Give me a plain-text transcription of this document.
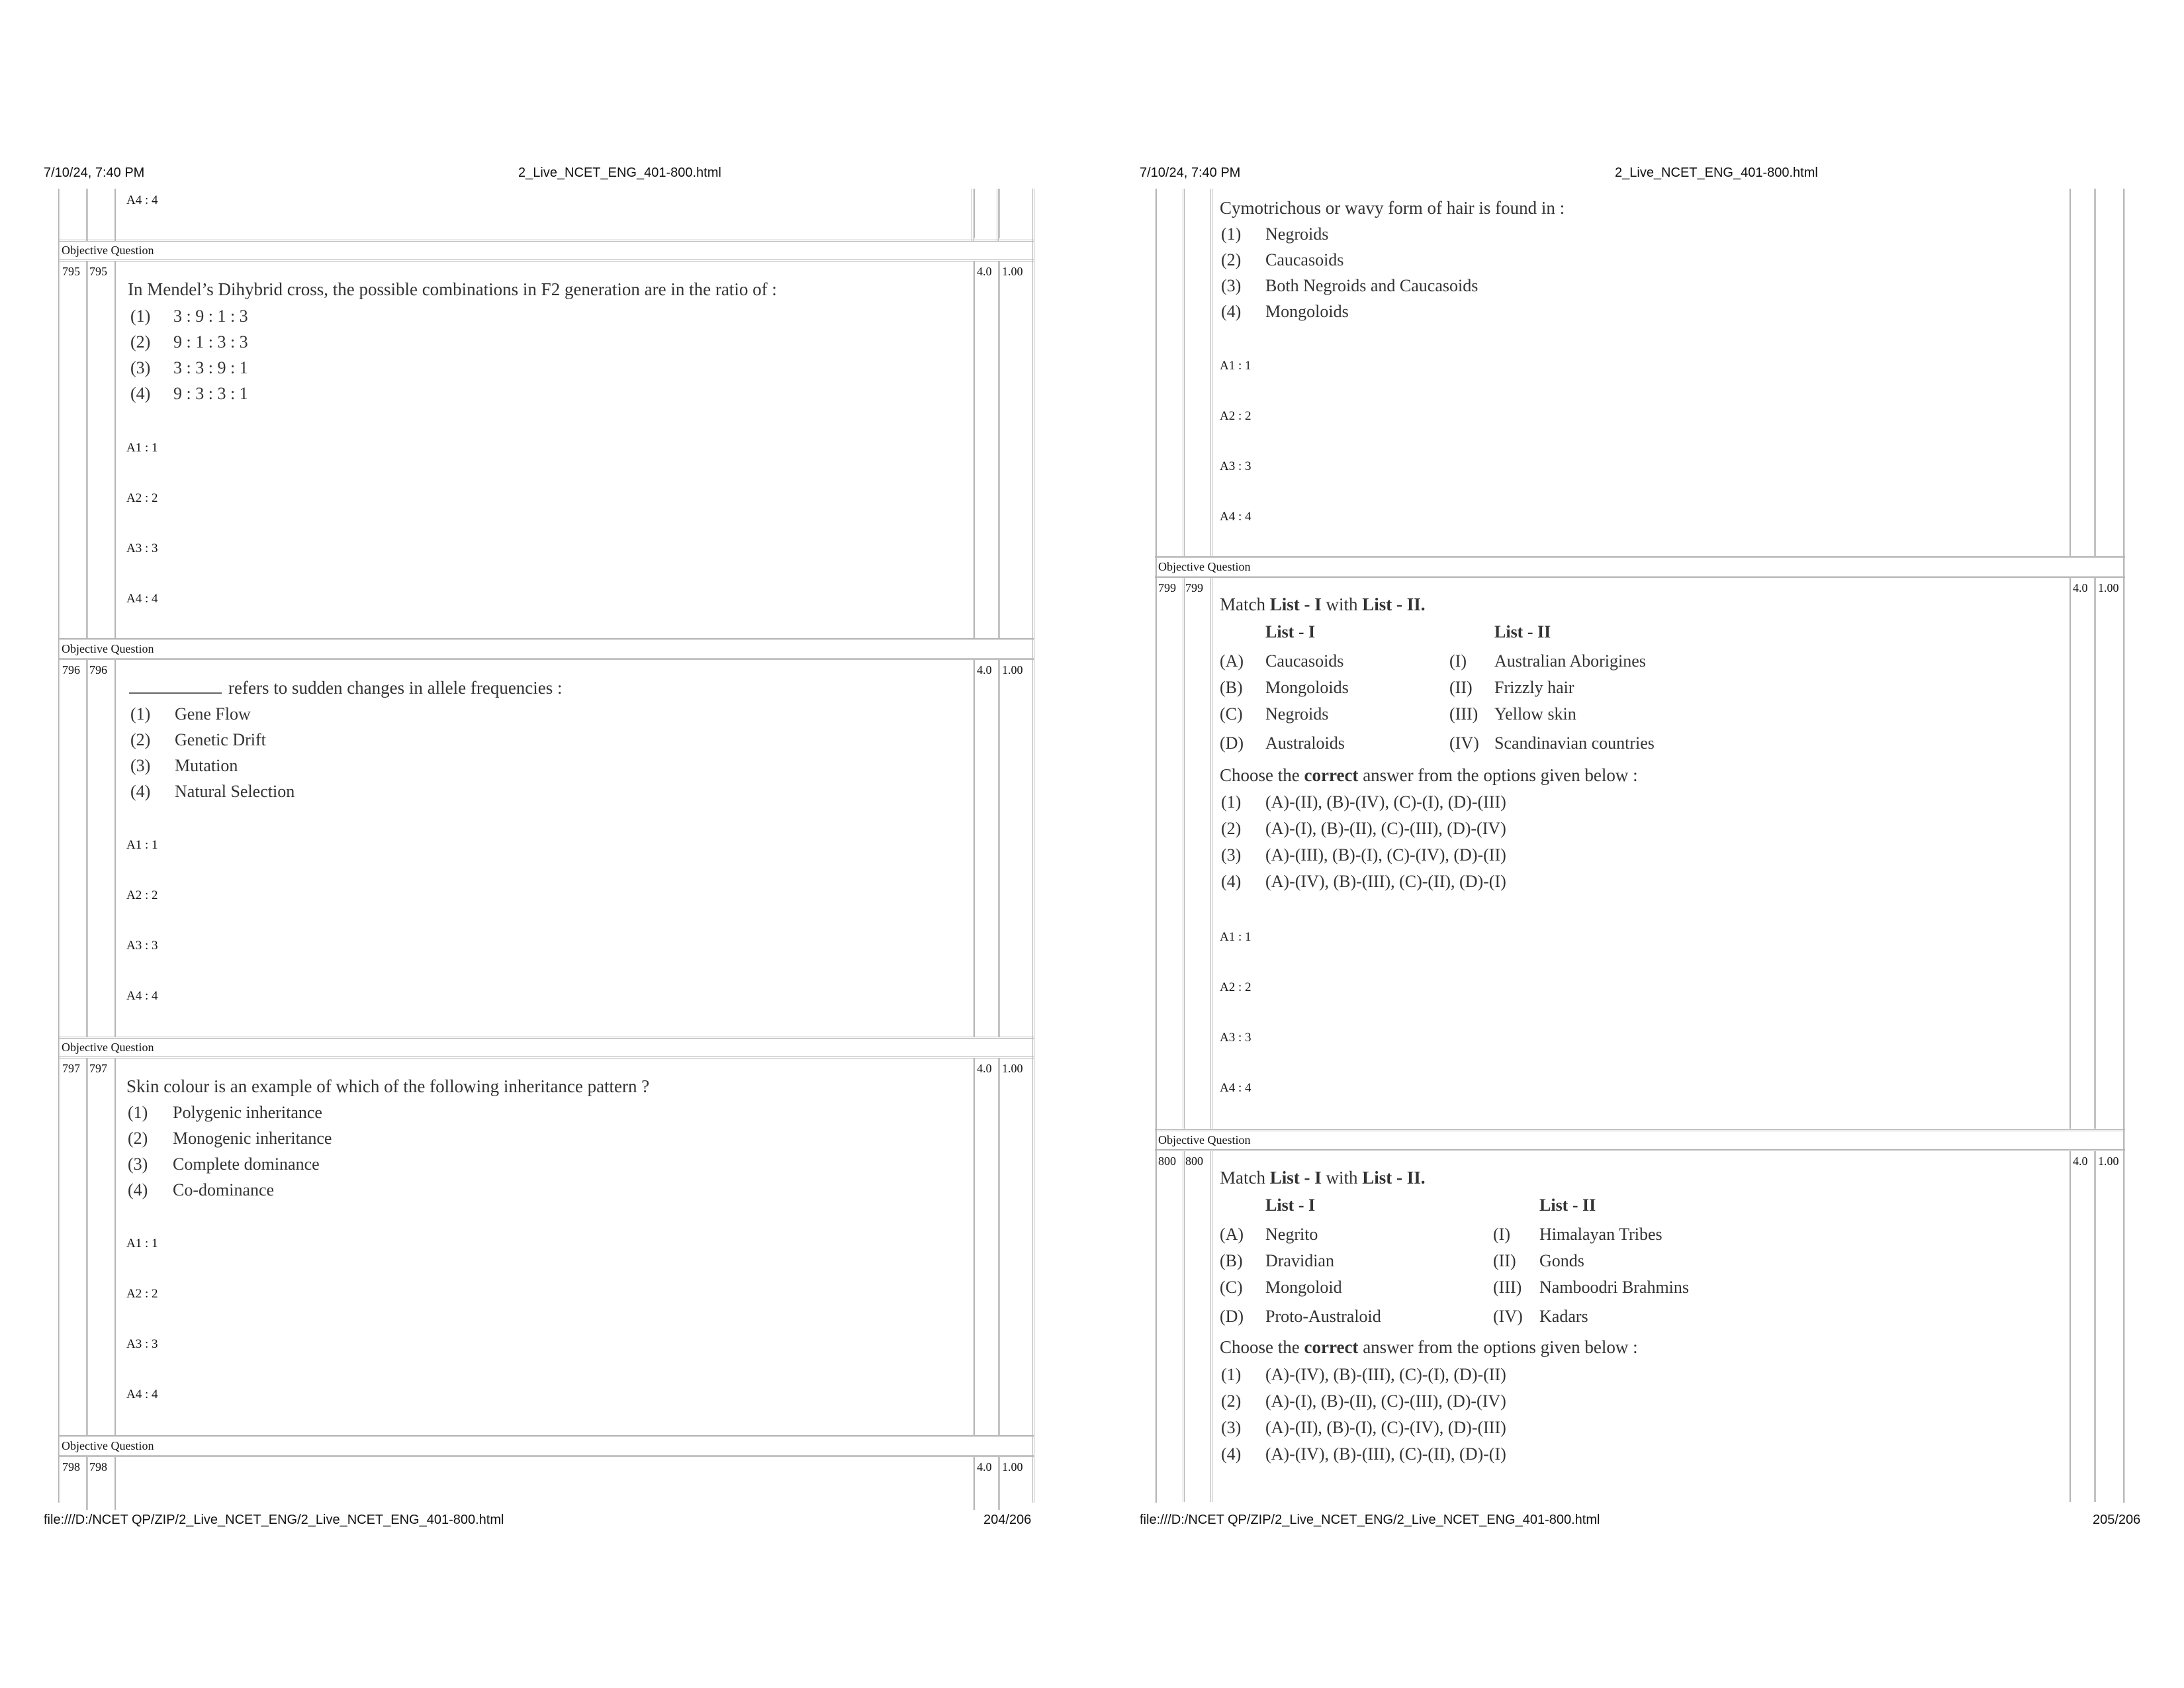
7/10/24, 7:40 PM	2_Live_NCET_ENG_401-800.html
file:///D:/NCET QP/ZIP/2_Live_NCET_ENG/2_Live_NCET_ENG_401-800.html	204/206
A4 : 4
Objective Question
795 795	4.0 1.00
In Mendel’s Dihybrid cross, the possible combinations in F2 generation are in the ratio of :
(1) 3 : 9 : 1 : 3
(2) 9 : 1 : 3 : 3
(3) 3 : 3 : 9 : 1
(4) 9 : 3 : 3 : 1
A1 : 1
A2 : 2
A3 : 3
A4 : 4
Objective Question
796 796	4.0 1.00
refers to sudden changes in allele frequencies :
(1) Gene Flow
(2) Genetic Drift
(3) Mutation
(4) Natural Selection
A1 : 1
A2 : 2
A3 : 3
A4 : 4
Objective Question
797 797	4.0 1.00
Skin colour is an example of which of the following inheritance pattern ?
(1) Polygenic inheritance
(2) Monogenic inheritance
(3) Complete dominance
(4) Co-dominance
A1 : 1
A2 : 2
A3 : 3
A4 : 4
Objective Question
798 798	4.0 1.00
7/10/24, 7:40 PM	2_Live_NCET_ENG_401-800.html
file:///D:/NCET QP/ZIP/2_Live_NCET_ENG/2_Live_NCET_ENG_401-800.html	205/206
Cymotrichous or wavy form of hair is found in :
(1) Negroids
(2) Caucasoids
(3) Both Negroids and Caucasoids
(4) Mongoloids
A1 : 1
A2 : 2
A3 : 3
A4 : 4
Objective Question
799 799	4.0 1.00
Match List - I with List - II.
List - I	List - II
(A) Caucasoids	(I) Australian Aborigines
(B) Mongoloids	(II) Frizzly hair
(C) Negroids	(III) Yellow skin
(D) Australoids	(IV) Scandinavian countries
Choose the correct answer from the options given below :
(1) (A)-(II), (B)-(IV), (C)-(I), (D)-(III)
(2) (A)-(I), (B)-(II), (C)-(III), (D)-(IV)
(3) (A)-(III), (B)-(I), (C)-(IV), (D)-(II)
(4) (A)-(IV), (B)-(III), (C)-(II), (D)-(I)
A1 : 1
A2 : 2
A3 : 3
A4 : 4
Objective Question
800 800	4.0 1.00
Match List - I with List - II.
List - I	List - II
(A) Negrito	(I) Himalayan Tribes
(B) Dravidian	(II) Gonds
(C) Mongoloid	(III) Namboodri Brahmins
(D) Proto-Australoid	(IV) Kadars
Choose the correct answer from the options given below :
(1) (A)-(IV), (B)-(III), (C)-(I), (D)-(II)
(2) (A)-(I), (B)-(II), (C)-(III), (D)-(IV)
(3) (A)-(II), (B)-(I), (C)-(IV), (D)-(III)
(4) (A)-(IV), (B)-(III), (C)-(II), (D)-(I)
